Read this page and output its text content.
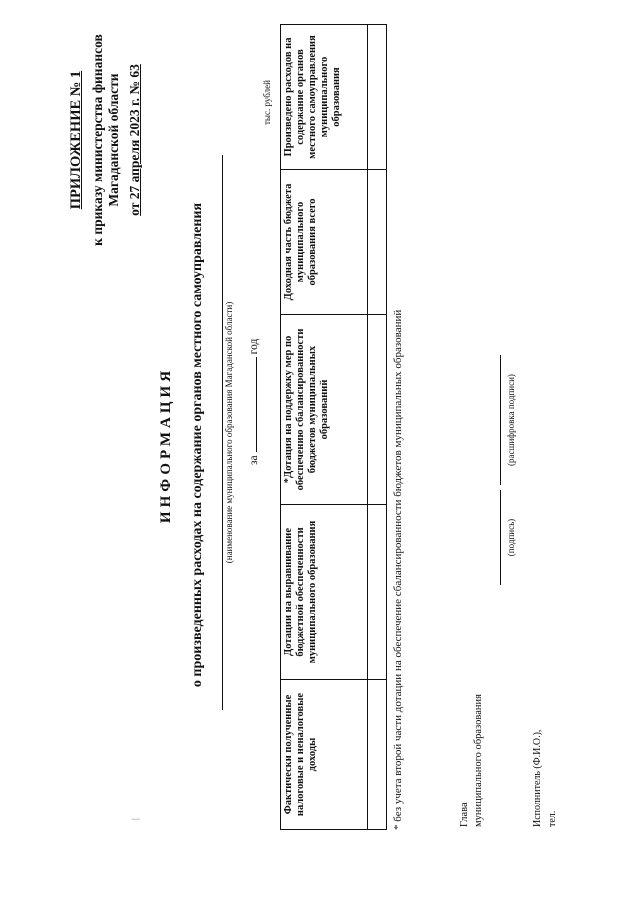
|
ПРИЛОЖЕНИЕ № 1 к приказу министерства финансов Магаданской области от 27 апреля 2023 г. № 63
ИНФОРМАЦИЯ о произведенных расходах на содержание органов местного самоуправления (наименование муниципального образования Магаданской области) загод
тыс. рублей
Фактически полученные налоговые и неналоговые доходы	Дотации на выравнивание бюджетной обеспеченности муниципального образования	*Дотация на поддержку мер по обеспечению сбалансированности бюджетов муниципальных образований	Доходная часть бюджета муниципального образования всего	Произведено расходов на содержание органов местного самоуправления муниципального образования

* без учета второй части дотации на обеспечение сбалансированности бюджетов муниципальных образований	Глава муниципального образования
(подпись)
(расшифровка подписи)
Исполнитель (Ф.И.О.), тел.
